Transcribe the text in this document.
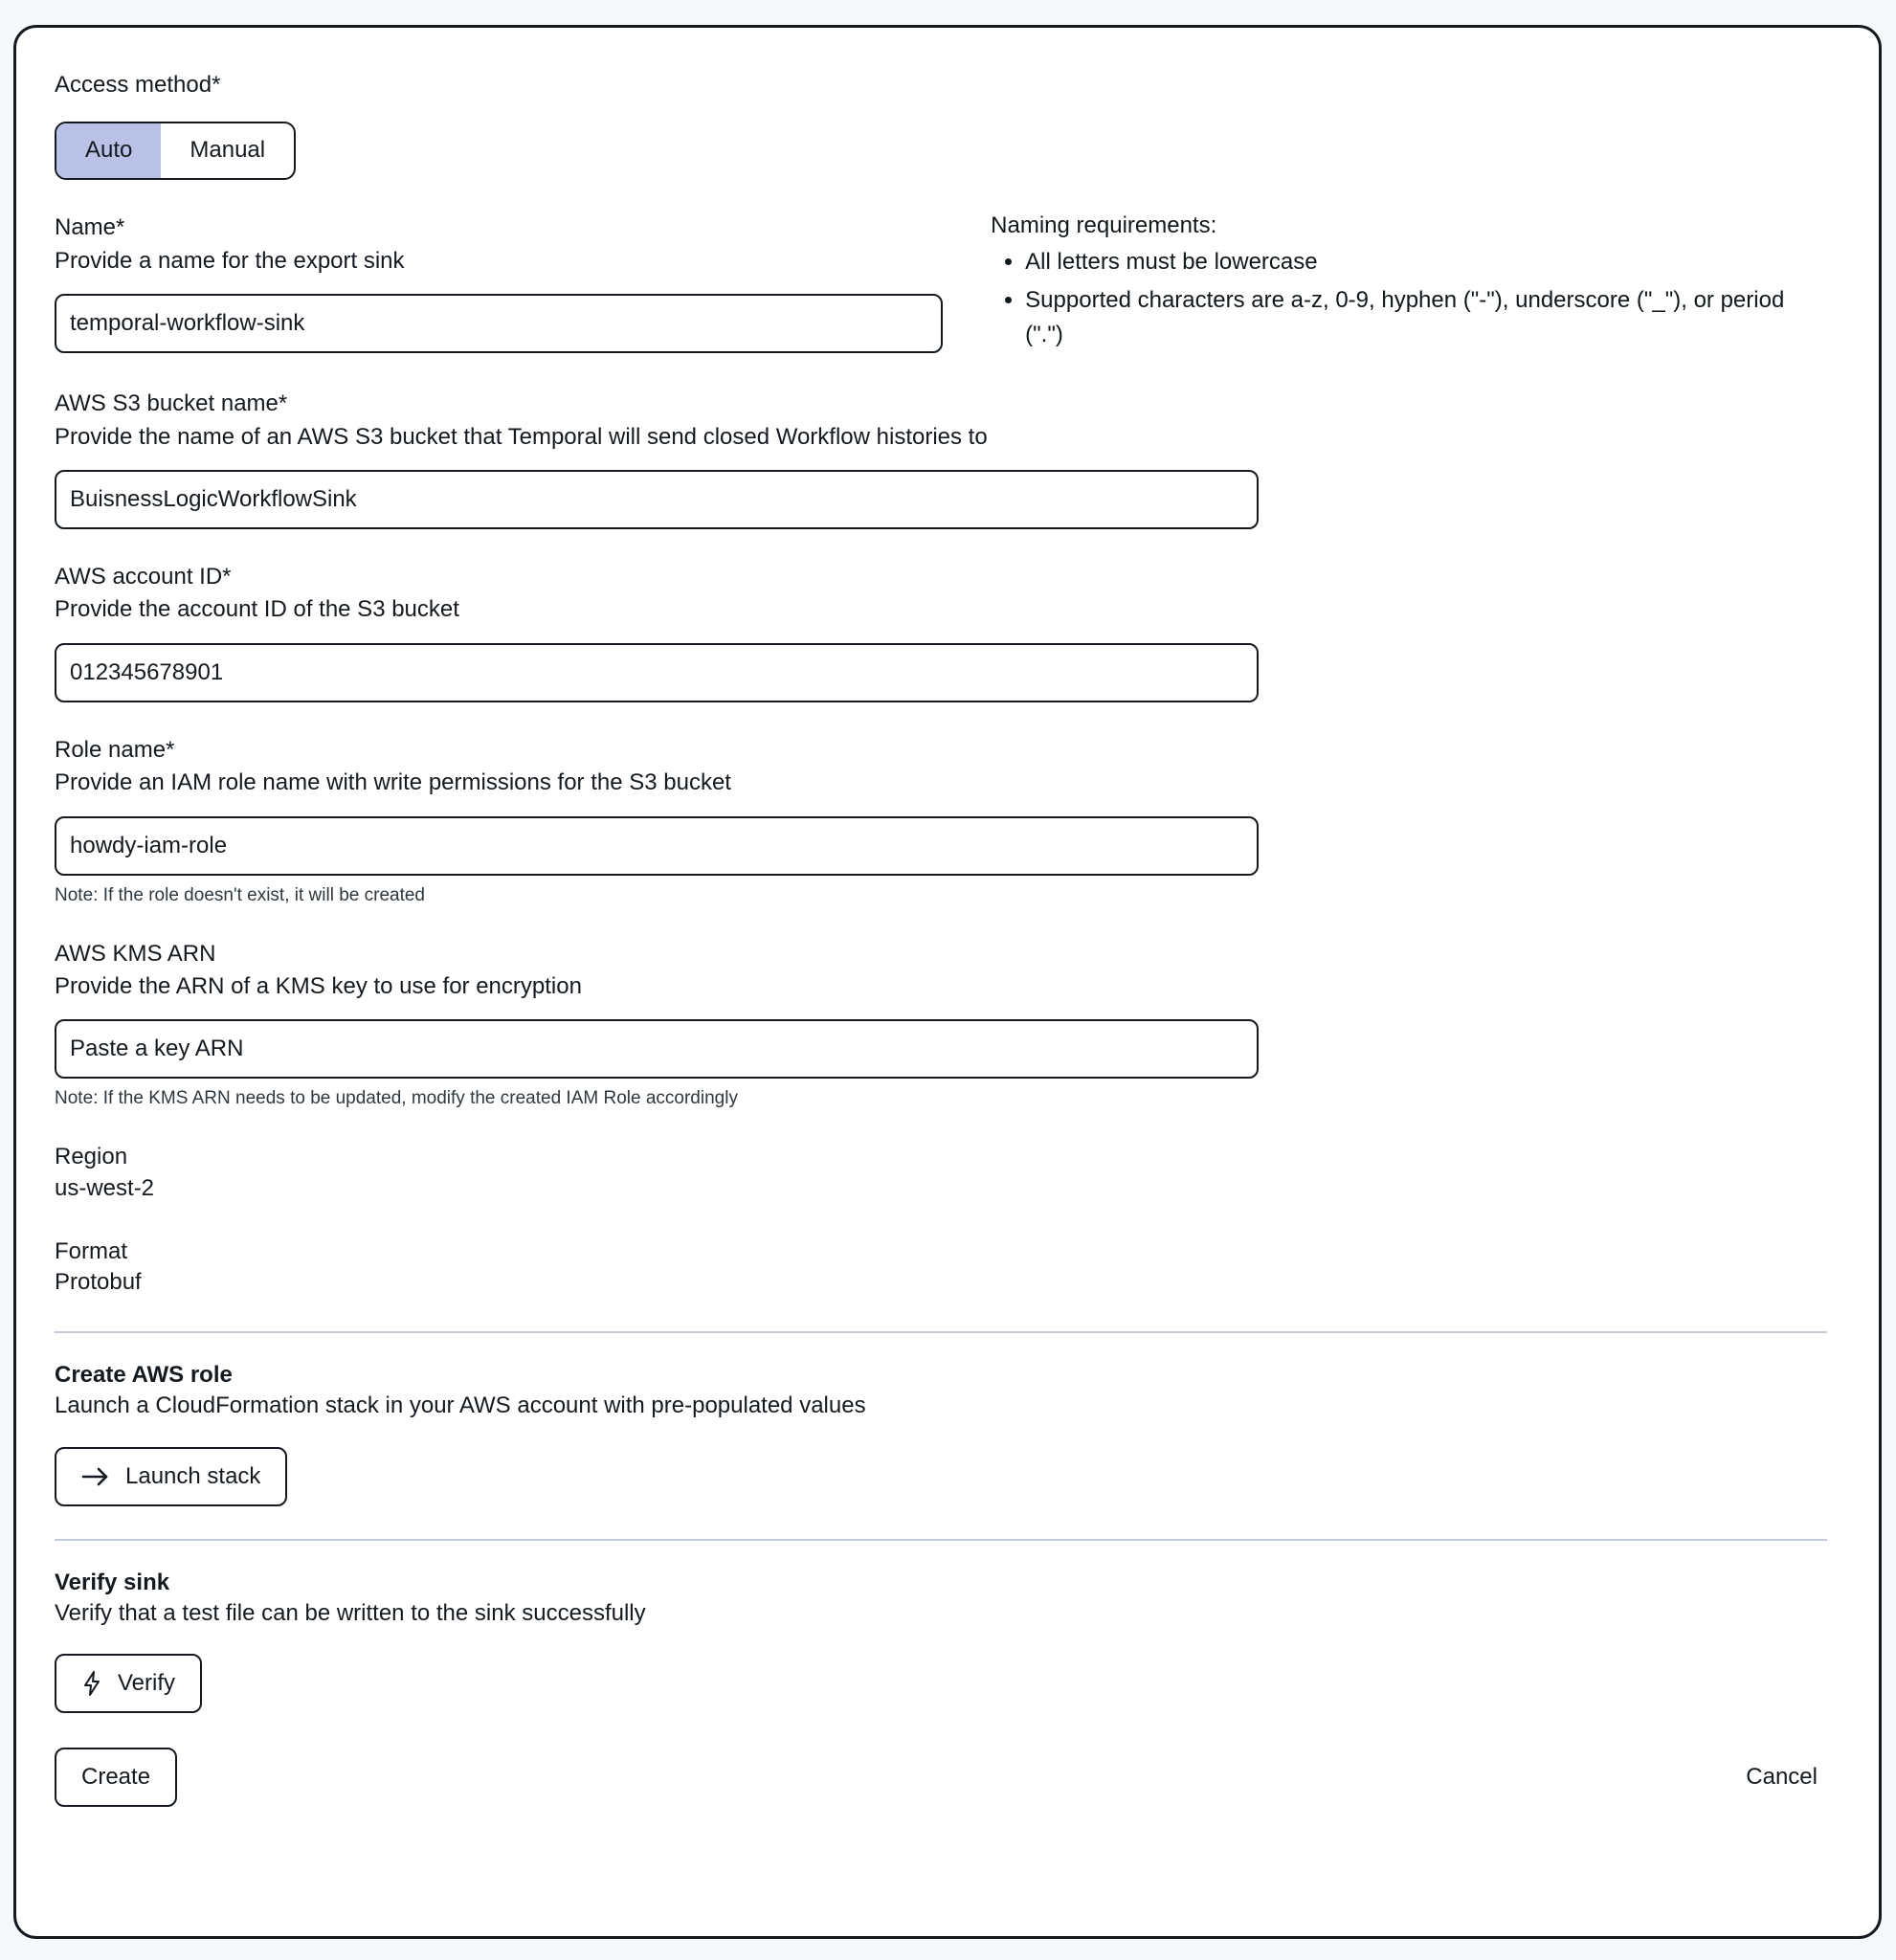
Access method*

Auto	Manual

Name*

Provide a name for the export sink

temporal-workflow-sink

Naming requirements:

• All letters must be lowercase
• Supported characters are a-z, 0-9, hyphen ("-"), underscore ("_"), or period (".")

AWS S3 bucket name*

Provide the name of an AWS S3 bucket that Temporal will send closed Workflow histories to

BuisnessLogicWorkflowSink

AWS account ID*

Provide the account ID of the S3 bucket

012345678901

Role name*

Provide an IAM role name with write permissions for the S3 bucket

howdy-iam-role

Note: If the role doesn't exist, it will be created

AWS KMS ARN

Provide the ARN of a KMS key to use for encryption

Paste a key ARN

Note: If the KMS ARN needs to be updated, modify the created IAM Role accordingly

Region

us-west-2

Format

Protobuf

Create AWS role

Launch a CloudFormation stack in your AWS account with pre-populated values

Launch stack

Verify sink

Verify that a test file can be written to the sink successfully

Verify
Create	Cancel
